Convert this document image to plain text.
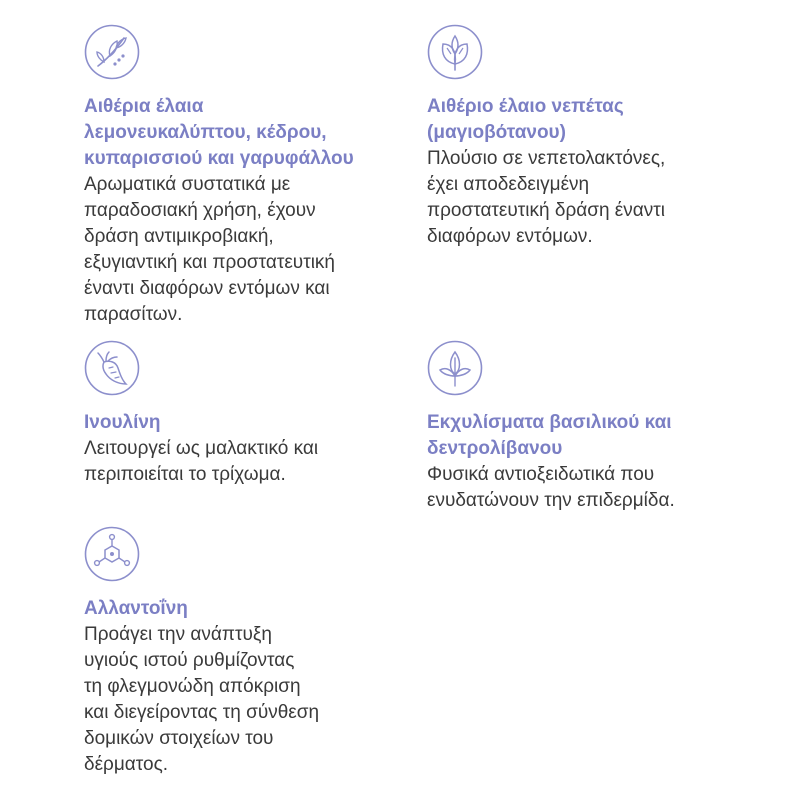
Αιθέρια έλαια
λεμονευκαλύπτου, κέδρου,
κυπαρισσιού και γαρυφάλλου
Αρωματικά συστατικά με
παραδοσιακή χρήση, έχουν
δράση αντιμικροβιακή,
εξυγιαντική και προστατευτική
έναντι διαφόρων εντόμων και
παρασίτων.
Αιθέριο έλαιο νεπέτας
(μαγιοβότανου)
Πλούσιο σε νεπετολακτόνες,
έχει αποδεδειγμένη
προστατευτική δράση έναντι
διαφόρων εντόμων.
Ινουλίνη
Λειτουργεί ως μαλακτικό και
περιποιείται το τρίχωμα.
Εκχυλίσματα βασιλικού και
δεντρολίβανου
Φυσικά αντιοξειδωτικά που
ενυδατώνουν την επιδερμίδα.
Αλλαντοΐνη
Προάγει την ανάπτυξη
υγιούς ιστού ρυθμίζοντας
τη φλεγμονώδη απόκριση
και διεγείροντας τη σύνθεση
δομικών στοιχείων του
δέρματος.
